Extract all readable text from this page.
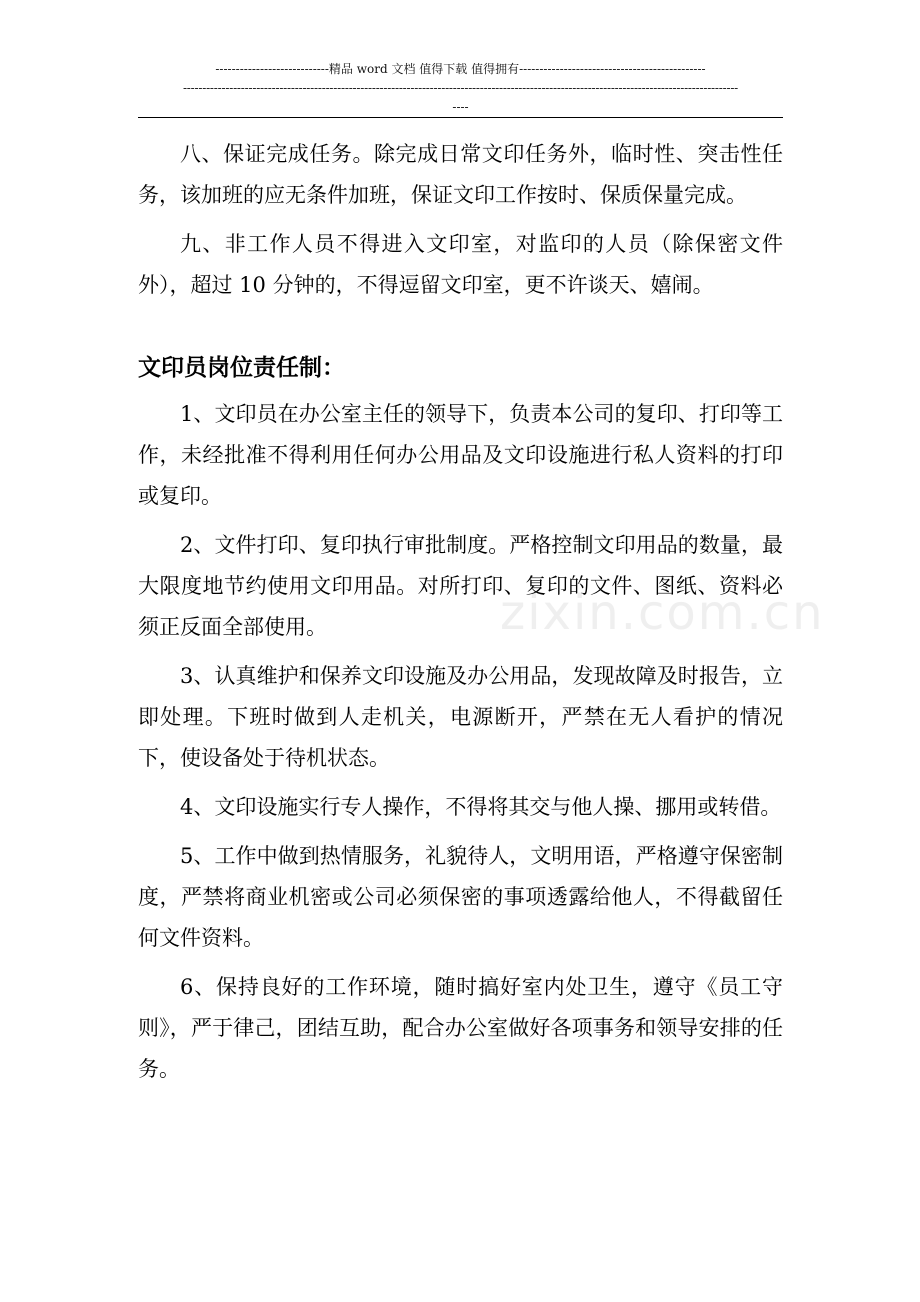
----------------------------精品 word 文档 值得下载 值得拥有----------------------------------------------
------------------------------------------------------------------------------------------------------------------------------------------------
----
zixin.com.cn

八、保证完成任务。除完成日常文印任务外，临时性、突击性任务，该加班的应无条件加班，保证文印工作按时、保质保量完成。

九、非工作人员不得进入文印室，对监印的人员（除保密文件外），超过 10 分钟的，不得逗留文印室，更不许谈天、嬉闹。

文印员岗位责任制：

1、文印员在办公室主任的领导下，负责本公司的复印、打印等工作，未经批准不得利用任何办公用品及文印设施进行私人资料的打印或复印。

2、文件打印、复印执行审批制度。严格控制文印用品的数量，最大限度地节约使用文印用品。对所打印、复印的文件、图纸、资料必须正反面全部使用。

3、认真维护和保养文印设施及办公用品，发现故障及时报告，立即处理。下班时做到人走机关，电源断开，严禁在无人看护的情况下，使设备处于待机状态。

4、文印设施实行专人操作，不得将其交与他人操、挪用或转借。

5、工作中做到热情服务，礼貌待人，文明用语，严格遵守保密制度，严禁将商业机密或公司必须保密的事项透露给他人，不得截留任何文件资料。

6、保持良好的工作环境，随时搞好室内处卫生，遵守《员工守则》，严于律己，团结互助，配合办公室做好各项事务和领导安排的任务。
